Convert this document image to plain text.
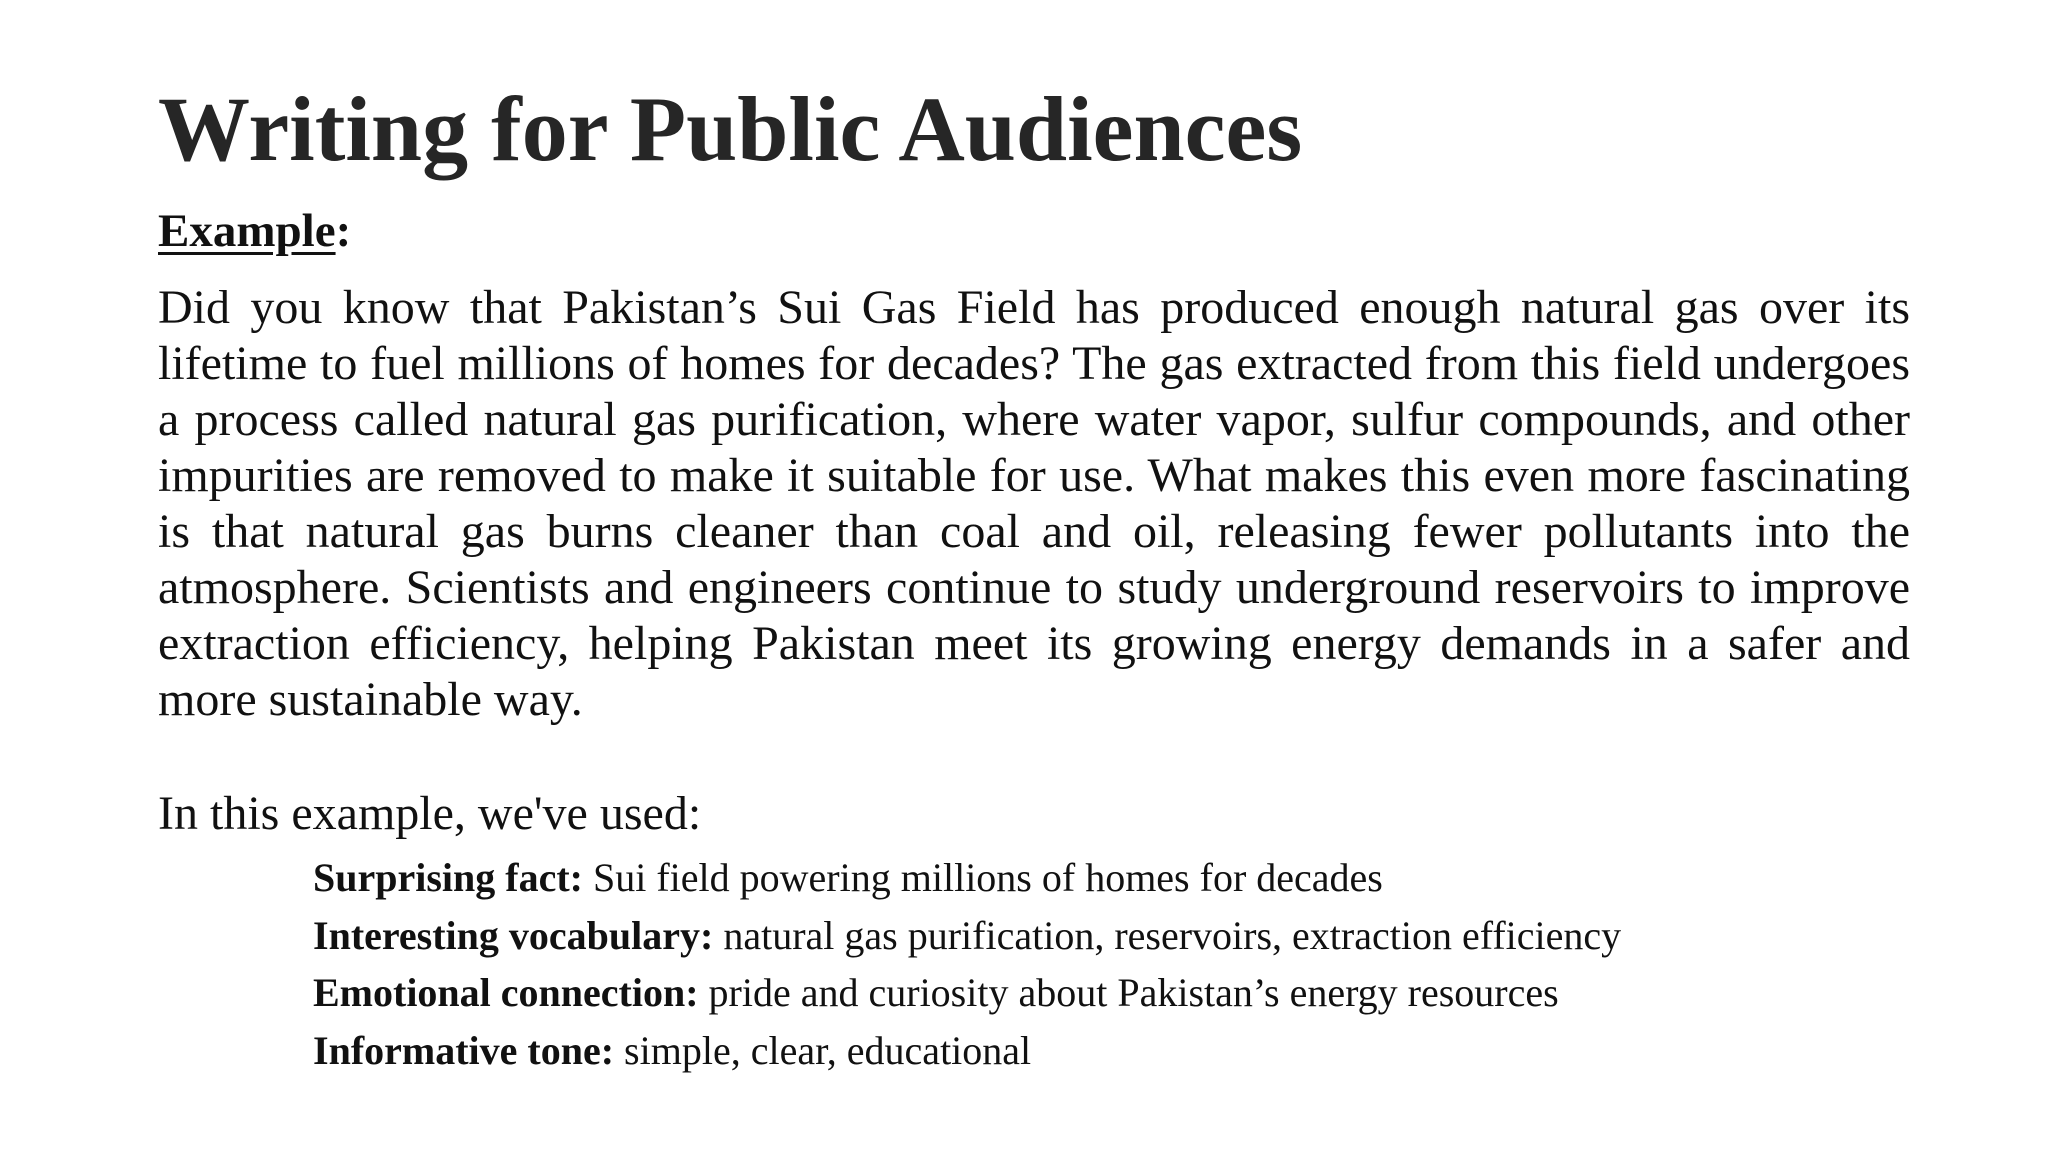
Writing for Public Audiences

Example:

Did you know that Pakistan’s Sui Gas Field has produced enough natural gas over its lifetime to fuel millions of homes for decades? The gas extracted from this field undergoes a process called natural gas purification, where water vapor, sulfur compounds, and other impurities are removed to make it suitable for use. What makes this even more fascinating is that natural gas burns cleaner than coal and oil, releasing fewer pollutants into the atmosphere. Scientists and engineers continue to study underground reservoirs to improve extraction efficiency, helping Pakistan meet its growing energy demands in a safer and more sustainable way.

In this example, we've used:

Surprising fact: Sui field powering millions of homes for decades
Interesting vocabulary: natural gas purification, reservoirs, extraction efficiency
Emotional connection: pride and curiosity about Pakistan’s energy resources
Informative tone: simple, clear, educational
